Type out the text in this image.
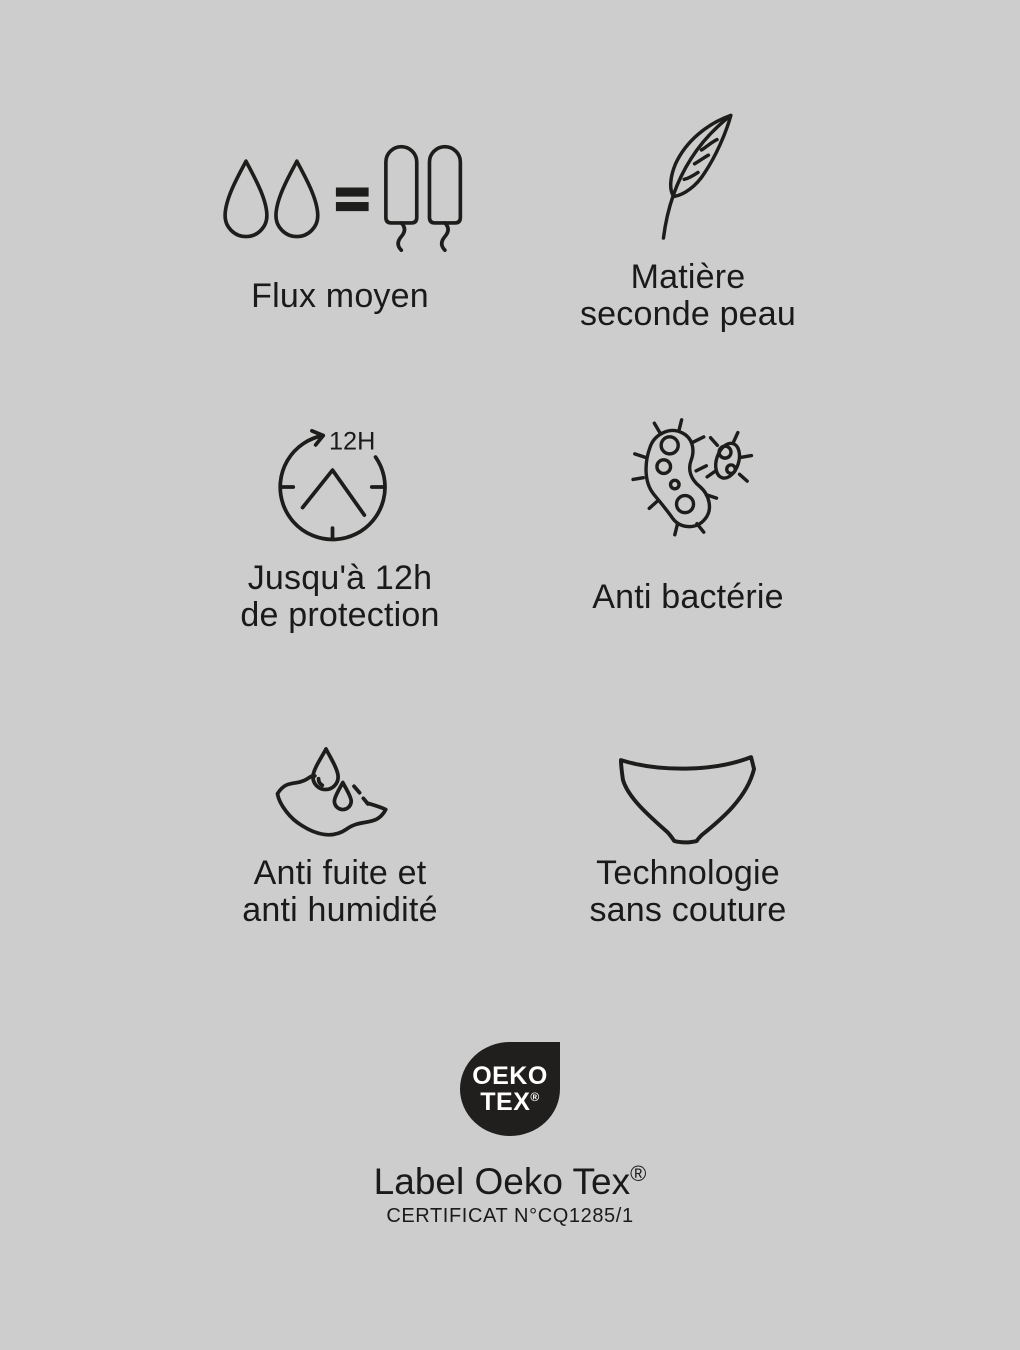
Flux moyen	Matière
seconde peau
12H
Jusqu'à 12h
de protection	Anti bactérie
Anti fuite et
anti humidité
Technologie
sans couture
OEKO
TEX ®
Label Oeko Tex®
CERTIFICAT N°CQ1285/1
